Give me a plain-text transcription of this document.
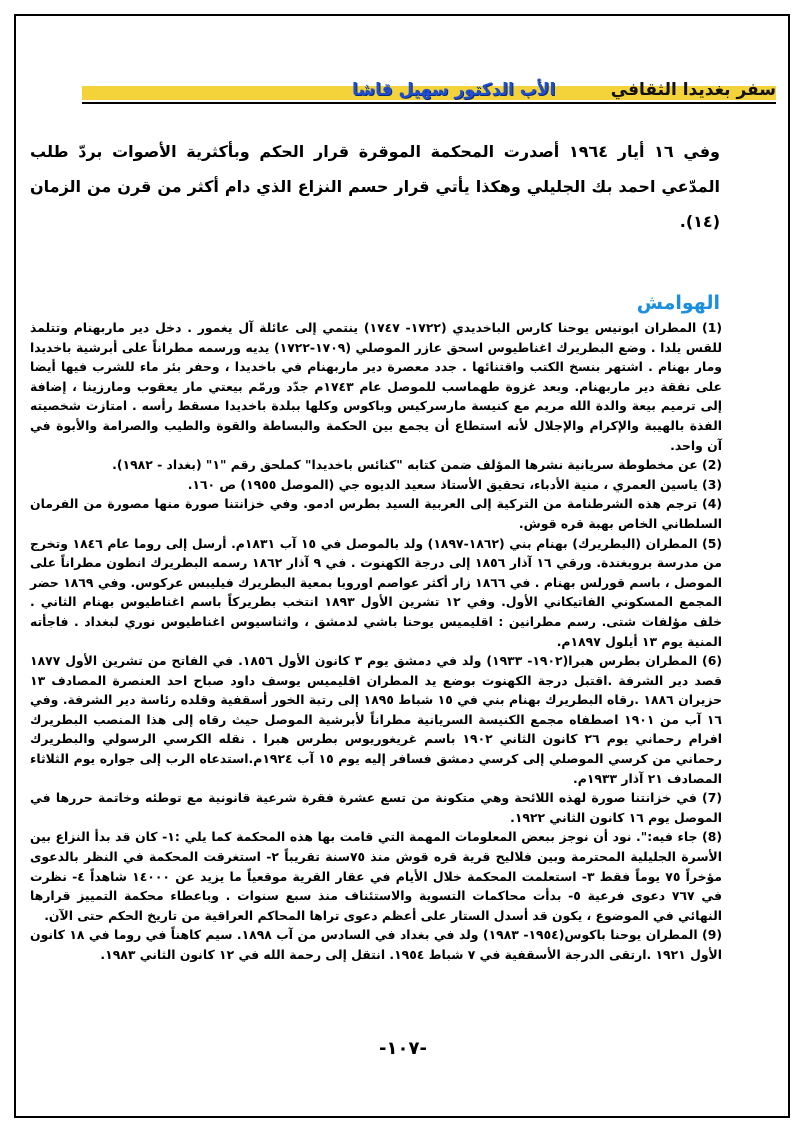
الأب الدكتور سهيل قاشا	سفر بغديدا الثقافي

وفي ١٦ أيار ١٩٦٤ أصدرت المحكمة الموقرة قرار الحكم وبأكثرية الأصوات بردّ طلب المدّعي احمد بك الجليلي وهكذا يأتي قرار حسم النزاع الذي دام أكثر من قرن من الزمان (١٤).

الهوامش

(1) المطران ابونيس يوحنا كارس الباخديدي (١٧٢٢- ١٧٤٧) ينتمي إلى عائلة آل يغمور . دخل دير ماربهنام وتتلمذ للقس يلدا . وضع البطريرك اغناطيوس اسحق عازر الموصلي (١٧٠٩-١٧٢٢) يديه ورسمه مطراناً على أبرشية باخديدا ومار بهنام . اشتهر بنسخ الكتب واقتنائها . جدد معصرة دير ماربهنام في باخديدا ، وحفر بئر ماء للشرب فيها أيضا على نفقة دير ماربهنام. وبعد غزوة طهماسب للموصل عام ١٧٤٣م جدّد ورمّم بيعتي مار يعقوب ومارزينا ، إضافة إلى ترميم بيعة والدة الله مريم مع كنيسة مارسركيس وباكوس وكلها ببلدة باخديدا مسقط رأسه . امتازت شخصيته الفذة بالهيبة والإكرام والإجلال لأنه استطاع أن يجمع بين الحكمة والبساطة والقوة والطيب والصرامة والأبوة في آن واحد.

(2) عن مخطوطة سريانية نشرها المؤلف ضمن كتابه "كنائس باخديدا" كملحق رقم "١" (بغداد - ١٩٨٢).

(3) ياسين العمري ، منية الأدباء، تحقيق الأستاذ سعيد الديوه جي (الموصل ١٩٥٥) ص ١٦٠.

(4) ترجم هذه الشرطنامة من التركية إلى العربية السيد بطرس ادمو. وفي خزانتنا صورة منها مصورة من الفرمان السلطاني الخاص بهبة قره قوش.

(5) المطران (البطريرك) بهنام بني (١٨٦٢-١٨٩٧) ولد بالموصل في ١٥ آب ١٨٣١م. أرسل إلى روما عام ١٨٤٦ وتخرج من مدرسة بروبغندة. ورقي ١٦ آذار ١٨٥٦ إلى درجة الكهنوت . في ٩ آذار ١٨٦٢ رسمه البطريرك انطون مطراناً على الموصل ، باسم قورلس بهنام . في ١٨٦٦ زار أكثر عواصم اوروبا بمعية البطريرك فيليبس عركوس. وفي ١٨٦٩ حضر المجمع المسكوني الفاتيكاني الأول. وفي ١٢ تشرين الأول ١٨٩٣ انتخب بطريركاً باسم اغناطيوس بهنام الثاني . خلف مؤلفات شتى. رسم مطرانين : اقليميس يوحنا باشي لدمشق ، واثناسيوس اغناطيوس نوري لبغداد . فاجأته المنية يوم ١٣ أيلول ١٨٩٧م.

(6) المطران بطرس هبرا(١٩٠٢- ١٩٣٣) ولد في دمشق يوم ٣ كانون الأول ١٨٥٦. في الفاتح من تشرين الأول ١٨٧٧ قصد دير الشرفة .اقتبل درجة الكهنوت بوضع يد المطران اقليميس يوسف داود صباح احد العنصرة المصادف ١٣ حزيران ١٨٨٦ .رقاه البطريرك بهنام بني في ١٥ شباط ١٨٩٥ إلى رتبة الخور أسقفية وقلده رئاسة دير الشرفة. وفي ١٦ آب من ١٩٠١ اصطفاه مجمع الكنيسة السريانية مطراناً لأبرشية الموصل حيث رقاه إلى هذا المنصب البطريرك افرام رحماني يوم ٢٦ كانون الثاني ١٩٠٢ باسم غريغوريوس بطرس هبرا . نقله الكرسي الرسولي والبطريرك رحماني من كرسي الموصلي إلى كرسي دمشق فسافر إليه يوم ١٥ آب ١٩٢٤م.استدعاه الرب إلى جواره يوم الثلاثاء المصادف ٢١ آذار ١٩٣٣م.

(7) في خزانتنا صورة لهذه اللائحة وهي متكونة من تسع عشرة فقرة شرعية قانونية مع توطئه وخاتمة حررها في الموصل يوم ١٦ كانون الثاني ١٩٢٢.

(8) جاء فيه:". نود أن نوجز ببعض المعلومات المهمة التي قامت بها هذه المحكمة كما يلي :١- كان قد بدأ النزاع بين الأسرة الجليلية المحترمة وبين فلاليح قرية قره قوش منذ ٧٥سنة تقريباً ٢- استغرقت المحكمة في النظر بالدعوى مؤخراً ٧٥ يوماً فقط ٣- استعلمت المحكمة خلال الأيام في عقار القرية موقعياً ما يزيد عن ١٤٠٠٠ شاهداً ٤- نظرت في ٧٦٧ دعوى فرعية ٥- بدأت محاكمات التسوية والاستئناف منذ سبع سنوات . وباعطاء محكمة التمييز قرارها النهائي في الموضوع ، يكون قد أسدل الستار على أعظم دعوى تراها المحاكم العراقية من تاريخ الحكم حتى الآن.

(9) المطران يوحنا باكوس(١٩٥٤- ١٩٨٣) ولد في بغداد في السادس من آب ١٨٩٨. سيم كاهناً في روما في ١٨ كانون الأول ١٩٢١ .ارتقى الدرجة الأسقفية في ٧ شباط ١٩٥٤. انتقل إلى رحمة الله في ١٢ كانون الثاني ١٩٨٣.

-١٠٧-
